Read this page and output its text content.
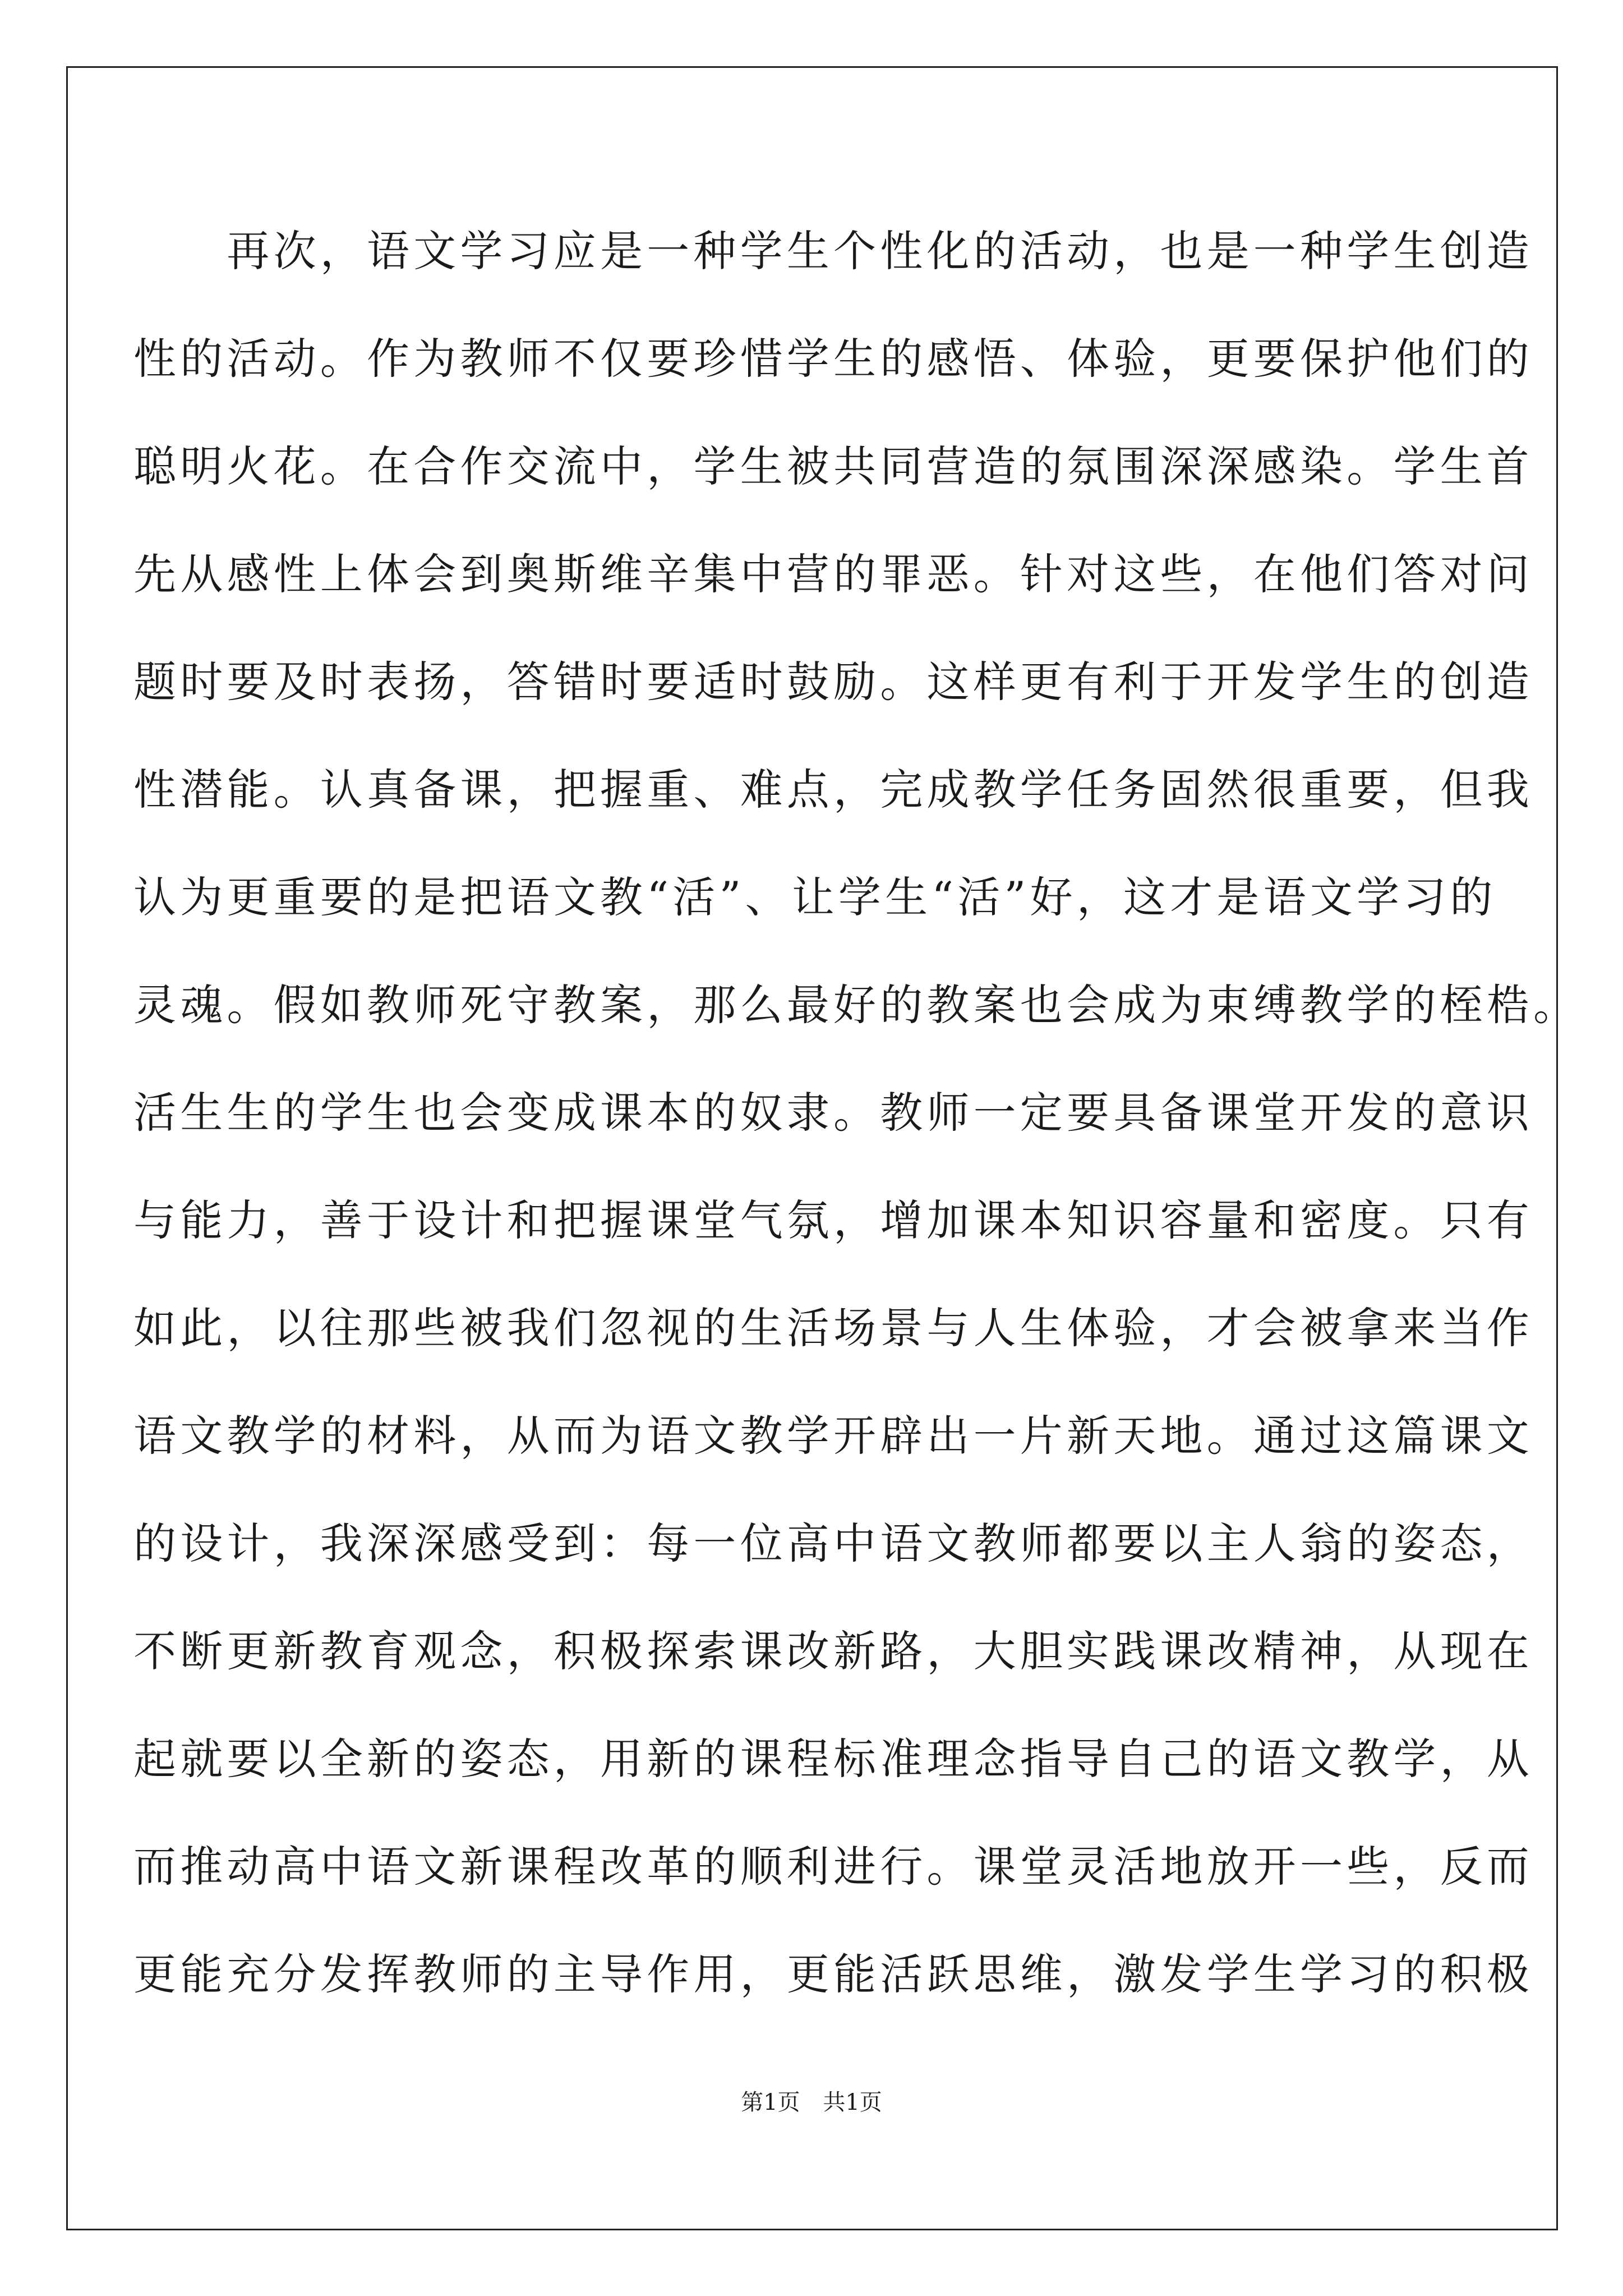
　　再次，语文学习应是一种学生个性化的活动，也是一种学生创造
性的活动。作为教师不仅要珍惜学生的感悟、体验，更要保护他们的
聪明火花。在合作交流中，学生被共同营造的氛围深深感染。学生首
先从感性上体会到奥斯维辛集中营的罪恶。针对这些，在他们答对问
题时要及时表扬，答错时要适时鼓励。这样更有利于开发学生的创造
性潜能。认真备课，把握重、难点，完成教学任务固然很重要，但我
认为更重要的是把语文教“活”、让学生“活”好，这才是语文学习的
灵魂。假如教师死守教案，那么最好的教案也会成为束缚教学的桎梏。
活生生的学生也会变成课本的奴隶。教师一定要具备课堂开发的意识
与能力，善于设计和把握课堂气氛，增加课本知识容量和密度。只有
如此，以往那些被我们忽视的生活场景与人生体验，才会被拿来当作
语文教学的材料，从而为语文教学开辟出一片新天地。通过这篇课文
的设计，我深深感受到：每一位高中语文教师都要以主人翁的姿态，
不断更新教育观念，积极探索课改新路，大胆实践课改精神，从现在
起就要以全新的姿态，用新的课程标准理念指导自己的语文教学，从
而推动高中语文新课程改革的顺利进行。课堂灵活地放开一些，反而
更能充分发挥教师的主导作用，更能活跃思维，激发学生学习的积极
第1页 共1页
